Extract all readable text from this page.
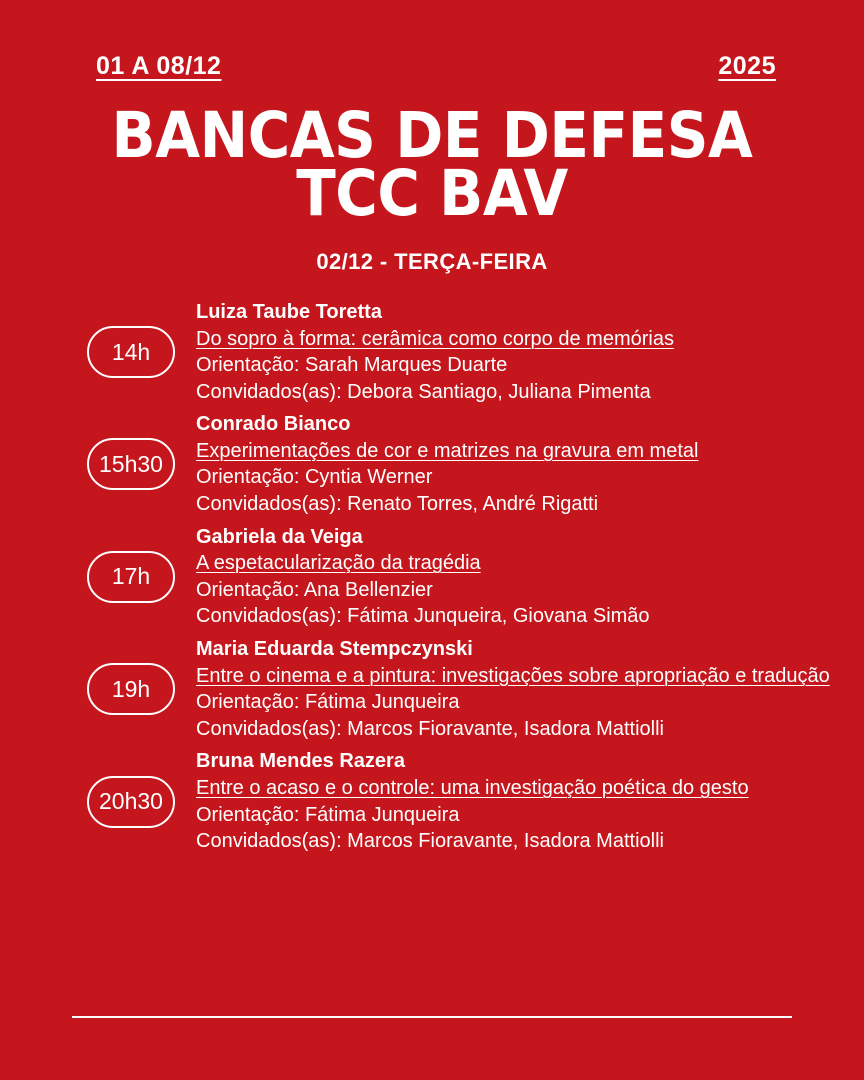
01 A 08/12	2025
BANCAS DE DEFESA
TCC BAV
02/12 - TERÇA-FEIRA
14h
Luiza Taube Toretta
Do sopro à forma: cerâmica como corpo de memórias
Orientação: Sarah Marques Duarte
Convidados(as): Debora Santiago, Juliana Pimenta
15h30
Conrado Bianco
Experimentações de cor e matrizes na gravura em metal
Orientação: Cyntia Werner
Convidados(as): Renato Torres, André Rigatti
17h
Gabriela da Veiga
A espetacularização da tragédia
Orientação: Ana Bellenzier
Convidados(as): Fátima Junqueira, Giovana Simão
19h
Maria Eduarda Stempczynski
Entre o cinema e a pintura: investigações sobre apropriação e tradução
Orientação: Fátima Junqueira
Convidados(as): Marcos Fioravante, Isadora Mattiolli
20h30
Bruna Mendes Razera
Entre o acaso e o controle: uma investigação poética do gesto
Orientação: Fátima Junqueira
Convidados(as): Marcos Fioravante, Isadora Mattiolli
